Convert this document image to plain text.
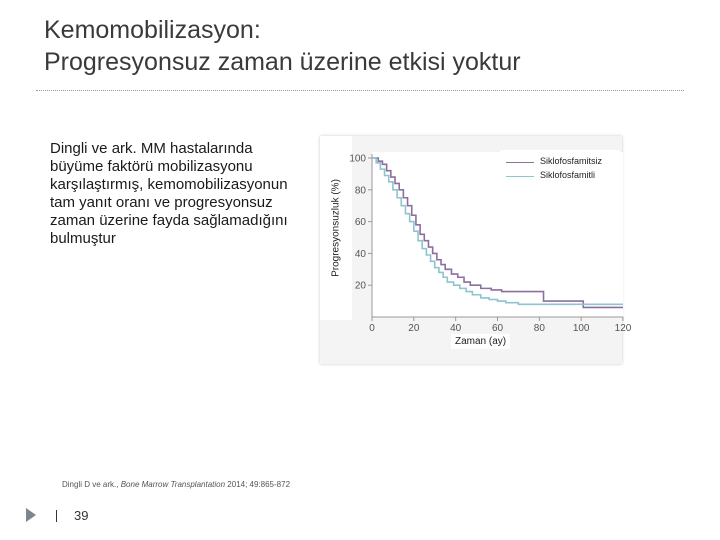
Kemomobilizasyon:
Progresyonsuz zaman üzerine etkisi yoktur
Dingli ve ark. MM hastalarında büyüme faktörü mobilizasyonu karşılaştırmış, kemomobilizasyonun tam yanıt oranı ve progresyonsuz zaman üzerine fayda sağlamadığını bulmuştur	Progresyonsuzluk (%)
20
40
60
80
100
0	20	40	60	80	100	120
Siklofosfamitsiz
Siklofosfamitli
Zaman (ay)
Dingli D ve ark., Bone Marrow Transplantation 2014; 49:865-872
39
